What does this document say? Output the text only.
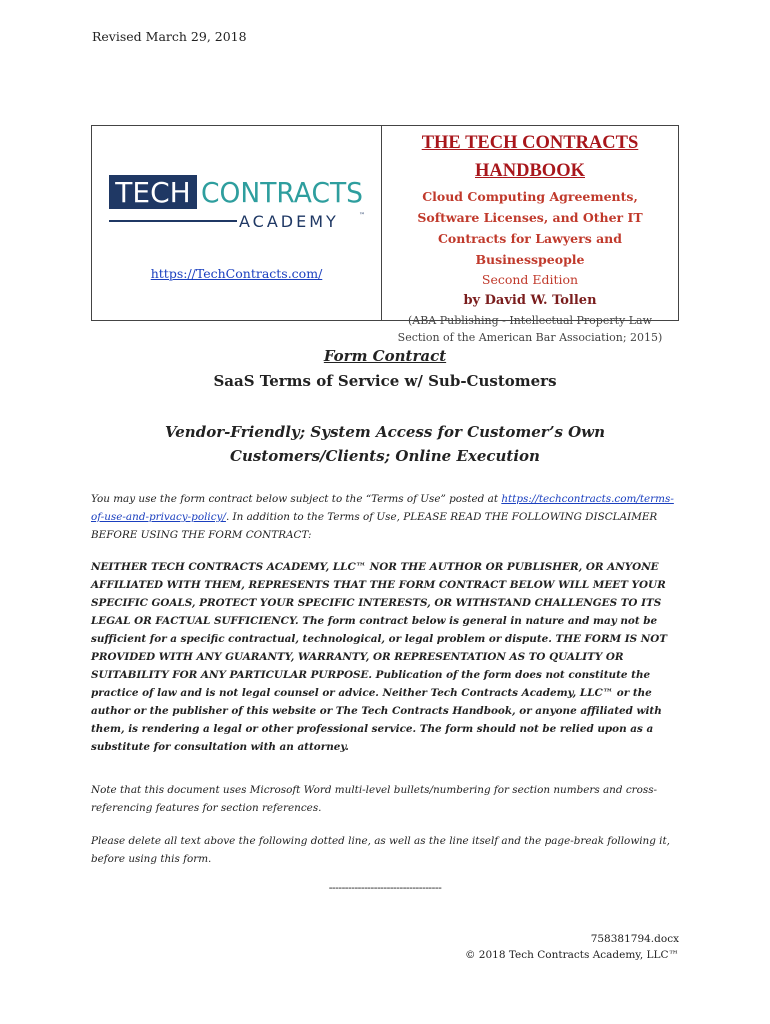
Revised March 29, 2018
TECH CONTRACTS
ACADEMY	™
https://TechContracts.com/
THE TECH CONTRACTS HANDBOOK
Cloud Computing Agreements, Software Licenses, and Other IT Contracts for Lawyers and Businesspeople
Second Edition
by David W. Tollen
(ABA Publishing - Intellectual Property Law Section of the American Bar Association; 2015)
Form Contract
SaaS Terms of Service w/ Sub-Customers
Vendor-Friendly; System Access for Customer’s Own Customers/Clients; Online Execution
You may use the form contract below subject to the “Terms of Use” posted at https://techcontracts.com/terms-of-use-and-privacy-policy/. In addition to the Terms of Use, PLEASE READ THE FOLLOWING DISCLAIMER BEFORE USING THE FORM CONTRACT:
NEITHER TECH CONTRACTS ACADEMY, LLC™ NOR THE AUTHOR OR PUBLISHER, OR ANYONE AFFILIATED WITH THEM, REPRESENTS THAT THE FORM CONTRACT BELOW WILL MEET YOUR SPECIFIC GOALS, PROTECT YOUR SPECIFIC INTERESTS, OR WITHSTAND CHALLENGES TO ITS LEGAL OR FACTUAL SUFFICIENCY. The form contract below is general in nature and may not be sufficient for a specific contractual, technological, or legal problem or dispute. THE FORM IS NOT PROVIDED WITH ANY GUARANTY, WARRANTY, OR REPRESENTATION AS TO QUALITY OR SUITABILITY FOR ANY PARTICULAR PURPOSE. Publication of the form does not constitute the practice of law and is not legal counsel or advice. Neither Tech Contracts Academy, LLC™ or the author or the publisher of this website or The Tech Contracts Handbook, or anyone affiliated with them, is rendering a legal or other professional service. The form should not be relied upon as a substitute for consultation with an attorney.
Note that this document uses Microsoft Word multi-level bullets/numbering for section numbers and cross-referencing features for section references.
Please delete all text above the following dotted line, as well as the line itself and the page-break following it, before using this form.
-----------------------------------
758381794.docx
© 2018 Tech Contracts Academy, LLC™
